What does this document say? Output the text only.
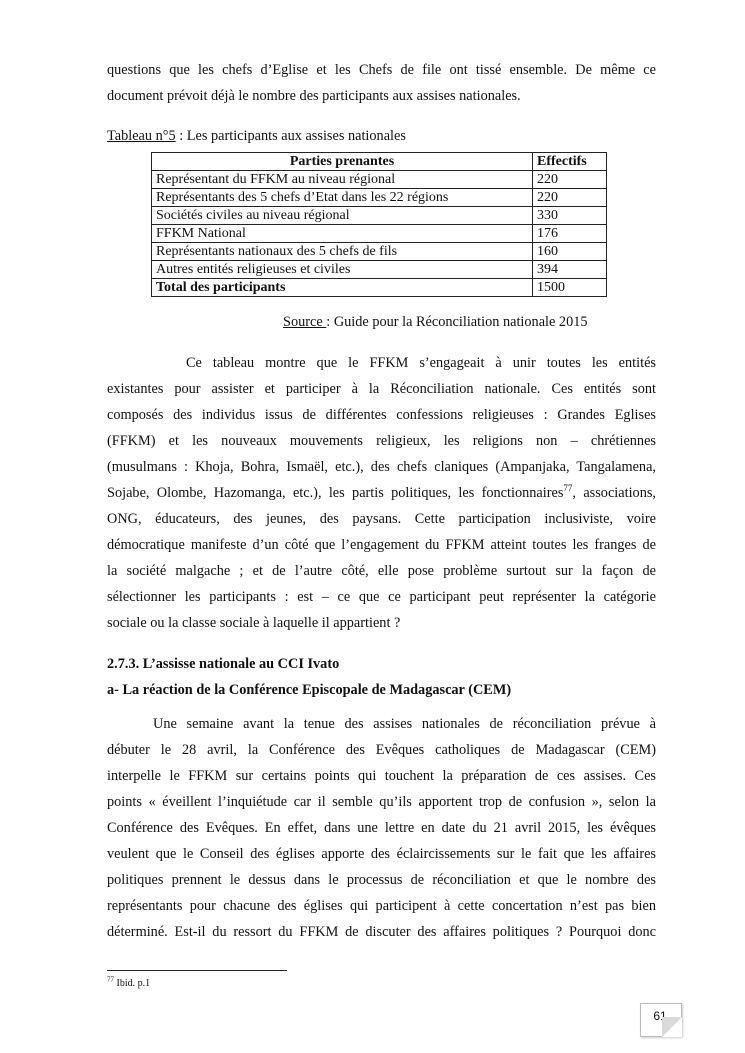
questions que les chefs d’Eglise et les Chefs de file ont tissé ensemble. De même ce
document prévoit déjà le nombre des participants aux assises nationales.
Tableau n°5 : Les participants aux assises nationales
Parties prenantes	Effectifs
Représentant du FFKM au niveau régional	220
Représentants des 5 chefs d’Etat dans les 22 régions	220
Sociétés civiles au niveau régional	330
FFKM National	176
Représentants nationaux des 5 chefs de fils	160
Autres entités religieuses et civiles	394
Total des participants	1500
Source : Guide pour la Réconciliation nationale 2015
Ce tableau montre que le FFKM s’engageait à unir toutes les entités
existantes pour assister et participer à la Réconciliation nationale. Ces entités sont
composés des individus issus de différentes confessions religieuses : Grandes Eglises
(FFKM) et les nouveaux mouvements religieux, les religions non – chrétiennes
(musulmans : Khoja, Bohra, Ismaël, etc.), des chefs claniques (Ampanjaka, Tangalamena,
Sojabe, Olombe, Hazomanga, etc.), les partis politiques, les fonctionnaires$^{77}$, associations,
ONG, éducateurs, des jeunes, des paysans. Cette participation inclusiviste, voire
démocratique manifeste d’un côté que l’engagement du FFKM atteint toutes les franges de
la société malgache ; et de l’autre côté, elle pose problème surtout sur la façon de
sélectionner les participants : est – ce que ce participant peut représenter la catégorie
sociale ou la classe sociale à laquelle il appartient ?
2.7.3. L’assisse nationale au CCI Ivato
a- La réaction de la Conférence Episcopale de Madagascar (CEM)
Une semaine avant la tenue des assises nationales de réconciliation prévue à
débuter le 28 avril, la Conférence des Evêques catholiques de Madagascar (CEM)
interpelle le FFKM sur certains points qui touchent la préparation de ces assises. Ces
points « éveillent l’inquiétude car il semble qu’ils apportent trop de confusion », selon la
Conférence des Evêques. En effet, dans une lettre en date du 21 avril 2015, les évêques
veulent que le Conseil des églises apporte des éclaircissements sur le fait que les affaires
politiques prennent le dessus dans le processus de réconciliation et que le nombre des
représentants pour chacune des églises qui participent à cette concertation n’est pas bien
déterminé. Est-il du ressort du FFKM de discuter des affaires politiques ? Pourquoi donc
$^{77}$ Ibid. p.1
61
